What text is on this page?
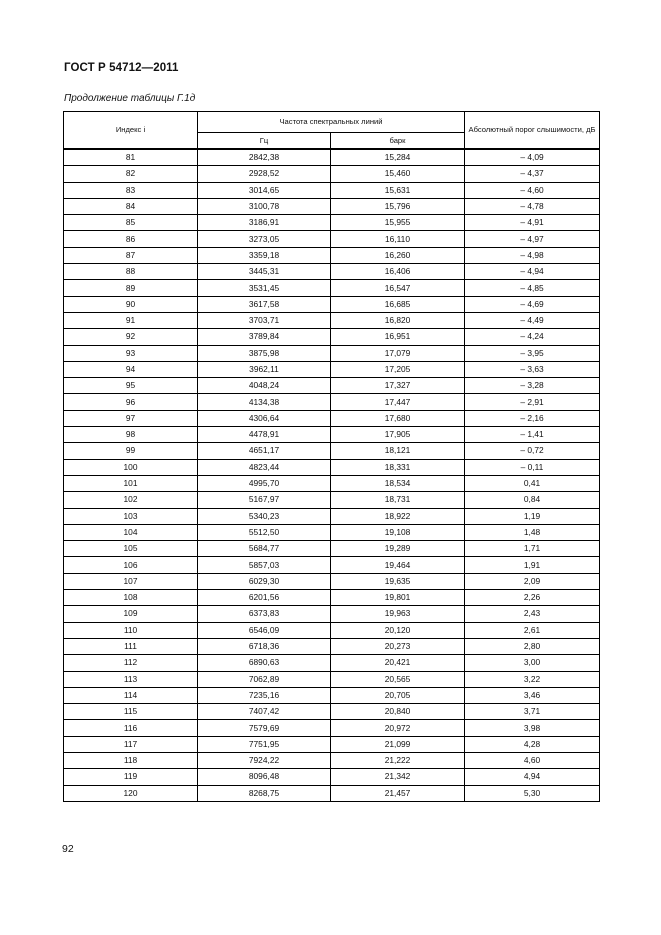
ГОСТ Р 54712—2011
Продолжение таблицы Г.1д
Индекс i	Частота спектральных линий		Абсолютный порог слышимости, дБ
	Гц	барк	
81	2842,38	15,284	– 4,09
82	2928,52	15,460	– 4,37
83	3014,65	15,631	– 4,60
84	3100,78	15,796	– 4,78
85	3186,91	15,955	– 4,91
86	3273,05	16,110	– 4,97
87	3359,18	16,260	– 4,98
88	3445,31	16,406	– 4,94
89	3531,45	16,547	– 4,85
90	3617,58	16,685	– 4,69
91	3703,71	16,820	– 4,49
92	3789,84	16,951	– 4,24
93	3875,98	17,079	– 3,95
94	3962,11	17,205	– 3,63
95	4048,24	17,327	– 3,28
96	4134,38	17,447	– 2,91
97	4306,64	17,680	– 2,16
98	4478,91	17,905	– 1,41
99	4651,17	18,121	– 0,72
100	4823,44	18,331	– 0,11
101	4995,70	18,534	0,41
102	5167,97	18,731	0,84
103	5340,23	18,922	1,19
104	5512,50	19,108	1,48
105	5684,77	19,289	1,71
106	5857,03	19,464	1,91
107	6029,30	19,635	2,09
108	6201,56	19,801	2,26
109	6373,83	19,963	2,43
110	6546,09	20,120	2,61
111	6718,36	20,273	2,80
112	6890,63	20,421	3,00
113	7062,89	20,565	3,22
114	7235,16	20,705	3,46
115	7407,42	20,840	3,71
116	7579,69	20,972	3,98
117	7751,95	21,099	4,28
118	7924,22	21,222	4,60
119	8096,48	21,342	4,94
120	8268,75	21,457	5,30
92
